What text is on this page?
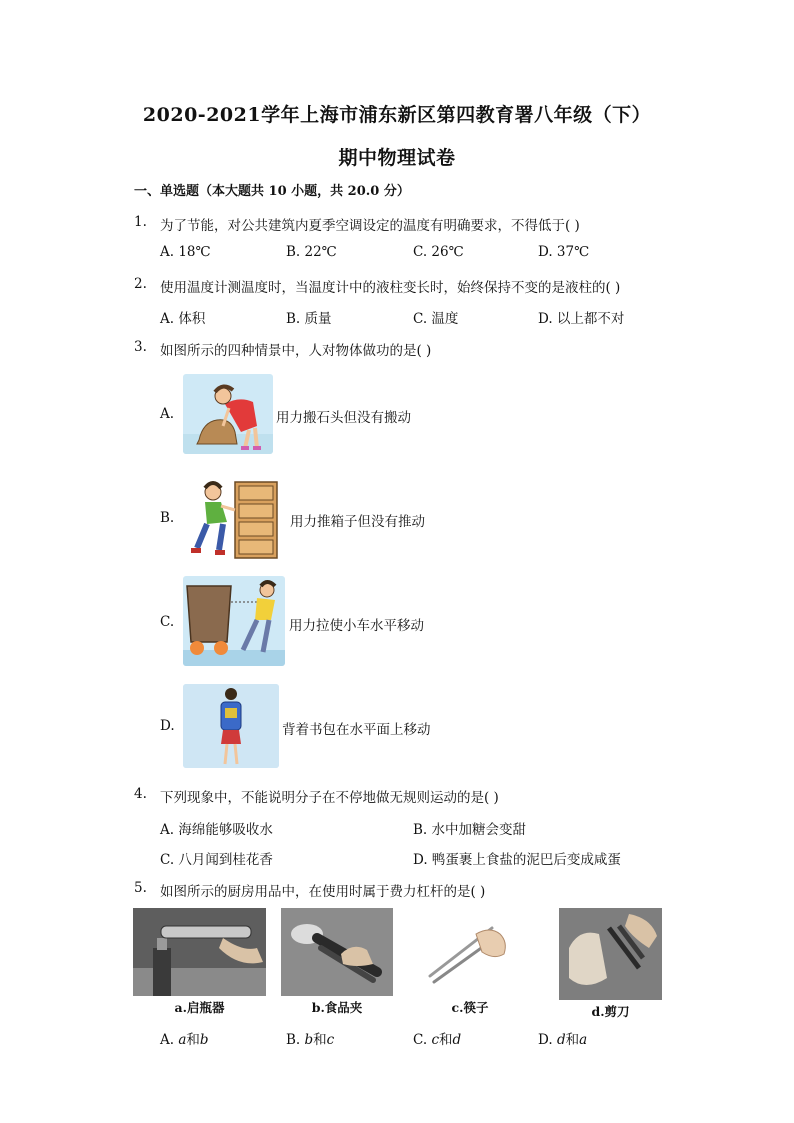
2020-2021学年上海市浦东新区第四教育署八年级（下）
期中物理试卷
一、单选题（本大题共 10 小题，共 20.0 分）
1. 为了节能，对公共建筑内夏季空调设定的温度有明确要求，不得低于( )
A. 18℃	B. 22℃	C. 26℃	D. 37℃
2. 使用温度计测温度时，当温度计中的液柱变长时，始终保持不变的是液柱的( )
A. 体积	B. 质量	C. 温度	D. 以上都不对
3. 如图所示的四种情景中，人对物体做功的是( )
A.	用力搬石头但没有搬动
B.	用力推箱子但没有推动
C.	用力拉使小车水平移动
D.	背着书包在水平面上移动
4. 下列现象中，不能说明分子在不停地做无规则运动的是( )
A. 海绵能够吸收水	B. 水中加糖会变甜
C. 八月闻到桂花香	D. 鸭蛋裹上食盐的泥巴后变成咸蛋
5. 如图所示的厨房用品中，在使用时属于费力杠杆的是( )
a.启瓶器	b.食品夹	c.筷子	d.剪刀
A. a和b	B. b和c	C. c和d	D. d和a
